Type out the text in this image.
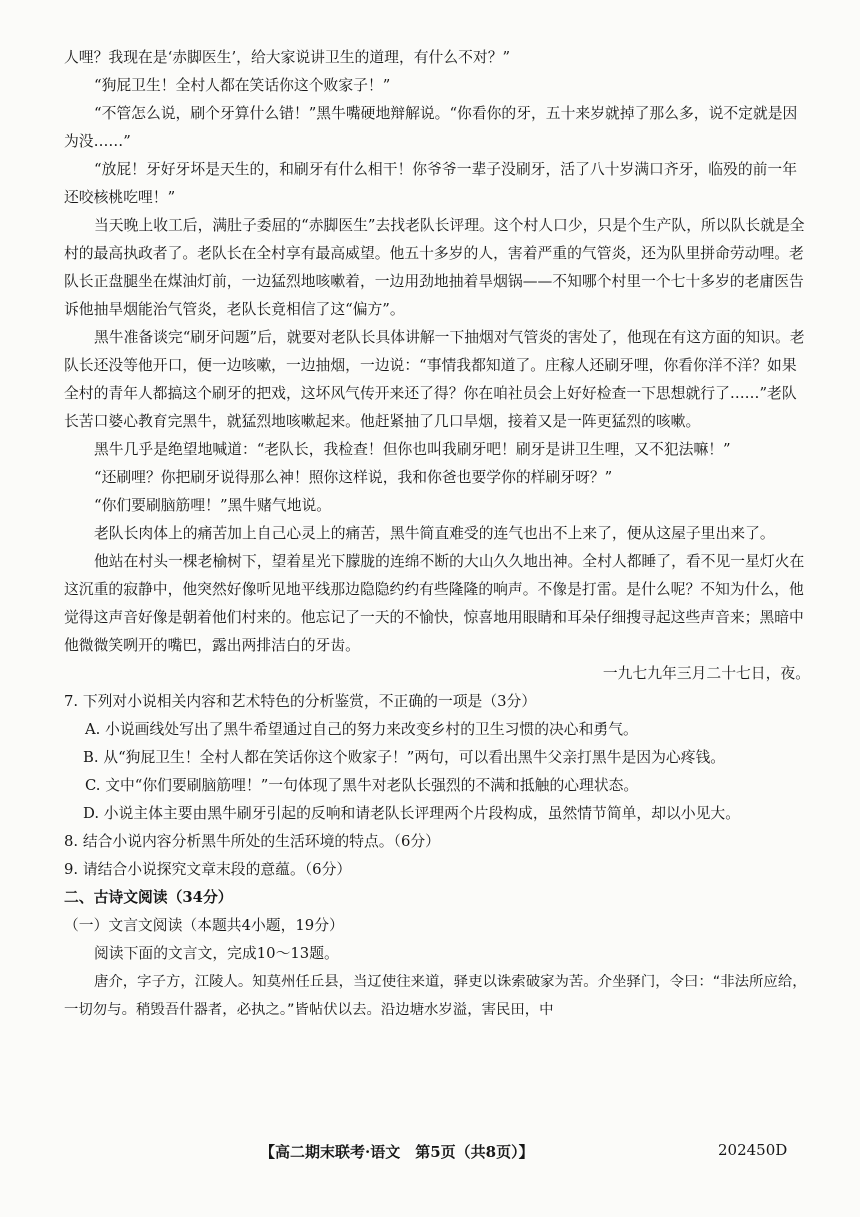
人哩？我现在是‘赤脚医生’，给大家说讲卫生的道理，有什么不对？”

“狗屁卫生！全村人都在笑话你这个败家子！”

“不管怎么说，刷个牙算什么错！”黑牛嘴硬地辩解说。“你看你的牙，五十来岁就掉了那么多，说不定就是因为没……”

“放屁！牙好牙坏是天生的，和刷牙有什么相干！你爷爷一辈子没刷牙，活了八十岁满口齐牙，临殁的前一年还咬核桃吃哩！”

当天晚上收工后，满肚子委屈的“赤脚医生”去找老队长评理。这个村人口少，只是个生产队，所以队长就是全村的最高执政者了。老队长在全村享有最高威望。他五十多岁的人，害着严重的气管炎，还为队里拼命劳动哩。老队长正盘腿坐在煤油灯前，一边猛烈地咳嗽着，一边用劲地抽着旱烟锅——不知哪个村里一个七十多岁的老庸医告诉他抽旱烟能治气管炎，老队长竟相信了这“偏方”。

黑牛准备谈完“刷牙问题”后，就要对老队长具体讲解一下抽烟对气管炎的害处了，他现在有这方面的知识。老队长还没等他开口，便一边咳嗽，一边抽烟，一边说：“事情我都知道了。庄稼人还刷牙哩，你看你洋不洋？如果全村的青年人都搞这个刷牙的把戏，这坏风气传开来还了得？你在咱社员会上好好检查一下思想就行了……”老队长苦口婆心教育完黑牛，就猛烈地咳嗽起来。他赶紧抽了几口旱烟，接着又是一阵更猛烈的咳嗽。

黑牛几乎是绝望地喊道：“老队长，我检查！但你也叫我刷牙吧！刷牙是讲卫生哩，又不犯法嘛！”

“还刷哩？你把刷牙说得那么神！照你这样说，我和你爸也要学你的样刷牙呀？”

“你们要刷脑筋哩！”黑牛赌气地说。

老队长肉体上的痛苦加上自己心灵上的痛苦，黑牛简直难受的连气也出不上来了，便从这屋子里出来了。

他站在村头一棵老榆树下，望着星光下朦胧的连绵不断的大山久久地出神。全村人都睡了，看不见一星灯火在这沉重的寂静中，他突然好像听见地平线那边隐隐约约有些隆隆的响声。不像是打雷。是什么呢？不知为什么，他觉得这声音好像是朝着他们村来的。他忘记了一天的不愉快，惊喜地用眼睛和耳朵仔细搜寻起这些声音来；黑暗中他微微笑咧开的嘴巴，露出两排洁白的牙齿。

一九七九年三月二十七日，夜。

7. 下列对小说相关内容和艺术特色的分析鉴赏，不正确的一项是（3分）

A. 小说画线处写出了黑牛希望通过自己的努力来改变乡村的卫生习惯的决心和勇气。

B. 从“狗屁卫生！全村人都在笑话你这个败家子！”两句，可以看出黑牛父亲打黑牛是因为心疼钱。

C. 文中“你们要刷脑筋哩！”一句体现了黑牛对老队长强烈的不满和抵触的心理状态。

D. 小说主体主要由黑牛刷牙引起的反响和请老队长评理两个片段构成，虽然情节简单，却以小见大。

8. 结合小说内容分析黑牛所处的生活环境的特点。（6分）

9. 请结合小说探究文章末段的意蕴。（6分）

二、古诗文阅读（34分）

（一）文言文阅读（本题共4小题，19分）

阅读下面的文言文，完成10～13题。

唐介，字子方，江陵人。知莫州任丘县，当辽使往来道，驿吏以诛索破家为苦。介坐驿门，令曰：“非法所应给，一切勿与。稍毁吾什器者，必执之。”皆帖伏以去。沿边塘水岁溢，害民田，中

【高二期末联考·语文　第5页（共8页）】	202450D
